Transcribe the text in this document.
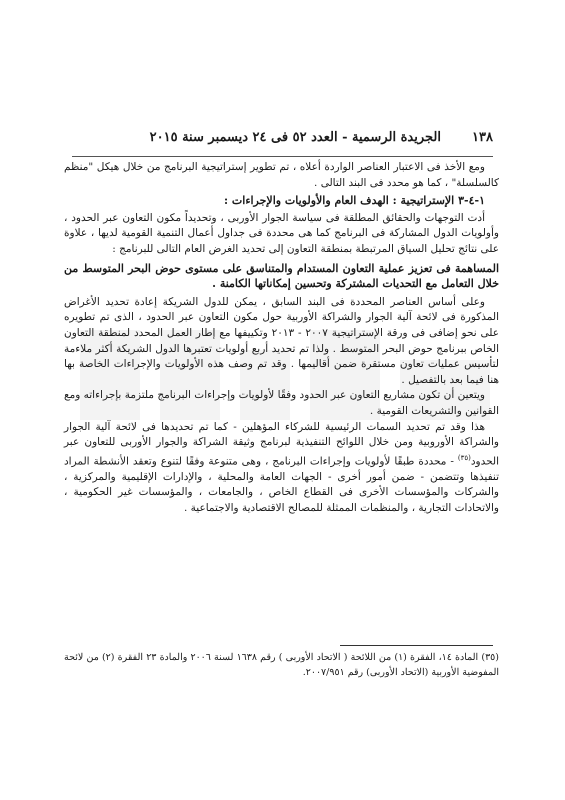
١٣٨
الجريدة الرسمية - العدد ٥٢ فى ٢٤ ديسمبر سنة ٢٠١٥

ومع الأخذ فى الاعتبار العناصر الواردة أعلاه ، تم تطوير إستراتيجية البرنامج من خلال هيكل "منظم كالسلسلة" ، كما هو محدد فى البند التالى .

١-٤-٣ الإستراتيجية : الهدف العام والأولويات والإجراءات :

أدت التوجهات والحقائق المطلقة فى سياسة الجوار الأوربى ، وتحديداً مكون التعاون عبر الحدود ، وأولويات الدول المشاركة فى البرنامج كما هى محددة فى جداول أعمال التنمية القومية لديها ، علاوة على نتائج تحليل السياق المرتبطة بمنطقة التعاون إلى تحديد الغرض العام التالى للبرنامج :

المساهمة فى تعزيز عملية التعاون المستدام والمتناسق على مستوى حوض البحر المتوسط من خلال التعامل مع التحديات المشتركة وتحسين إمكاناتها الكامنة .

وعلى أساس العناصر المحددة فى البند السابق ، يمكن للدول الشريكة إعادة تحديد الأغراض المذكورة فى لائحة آلية الجوار والشراكة الأوربية حول مكون التعاون عبر الحدود ، الذى تم تطويره على نحو إضافى فى ورقة الإستراتيجية ٢٠٠٧ - ٢٠١٣ وتكييفها مع إطار العمل المحدد لمنطقة التعاون الخاص ببرنامج حوض البحر المتوسط . ولذا تم تحديد أربع أولويات تعتبرها الدول الشريكة أكثر ملاءمة لتأسيس عمليات تعاون مستقرة ضمن أقاليمها . وقد تم وصف هذه الأولويات والإجراءات الخاصة بها هنا فيما بعد بالتفصيل .

ويتعين أن تكون مشاريع التعاون عبر الحدود وفقًا لأولويات وإجراءات البرنامج ملتزمة بإجراءاته ومع القوانين والتشريعات القومية .

هذا وقد تم تحديد السمات الرئيسية للشركاء المؤهلين - كما تم تحديدها فى لائحة آلية الجوار والشراكة الأوروبية ومن خلال اللوائح التنفيذية لبرنامج وثيقة الشراكة والجوار الأوربى للتعاون عبر الحدود$^{(٣٥)}$ - محددة طبقًا لأولويات وإجراءات البرنامج ، وهى متنوعة وفقًا لتنوع وتعقد الأنشطة المراد تنفيذها وتتضمن - ضمن أمور أخرى - الجهات العامة والمحلية ، والإدارات الإقليمية والمركزية ، والشركات والمؤسسات الأخرى فى القطاع الخاص ، والجامعات ، والمؤسسات غير الحكومية ، والاتحادات التجارية ، والمنظمات الممثلة للمصالح الاقتصادية والاجتماعية .

(٣٥) المادة ١٤، الفقرة (١) من اللائحة ( الاتحاد الأوربى ) رقم ١٦٣٨ لسنة ٢٠٠٦ والمادة ٢٣ الفقرة (٢) من لائحة المفوضية الأوربية (الاتحاد الأوربى) رقم ٢٠٠٧/٩٥١.
